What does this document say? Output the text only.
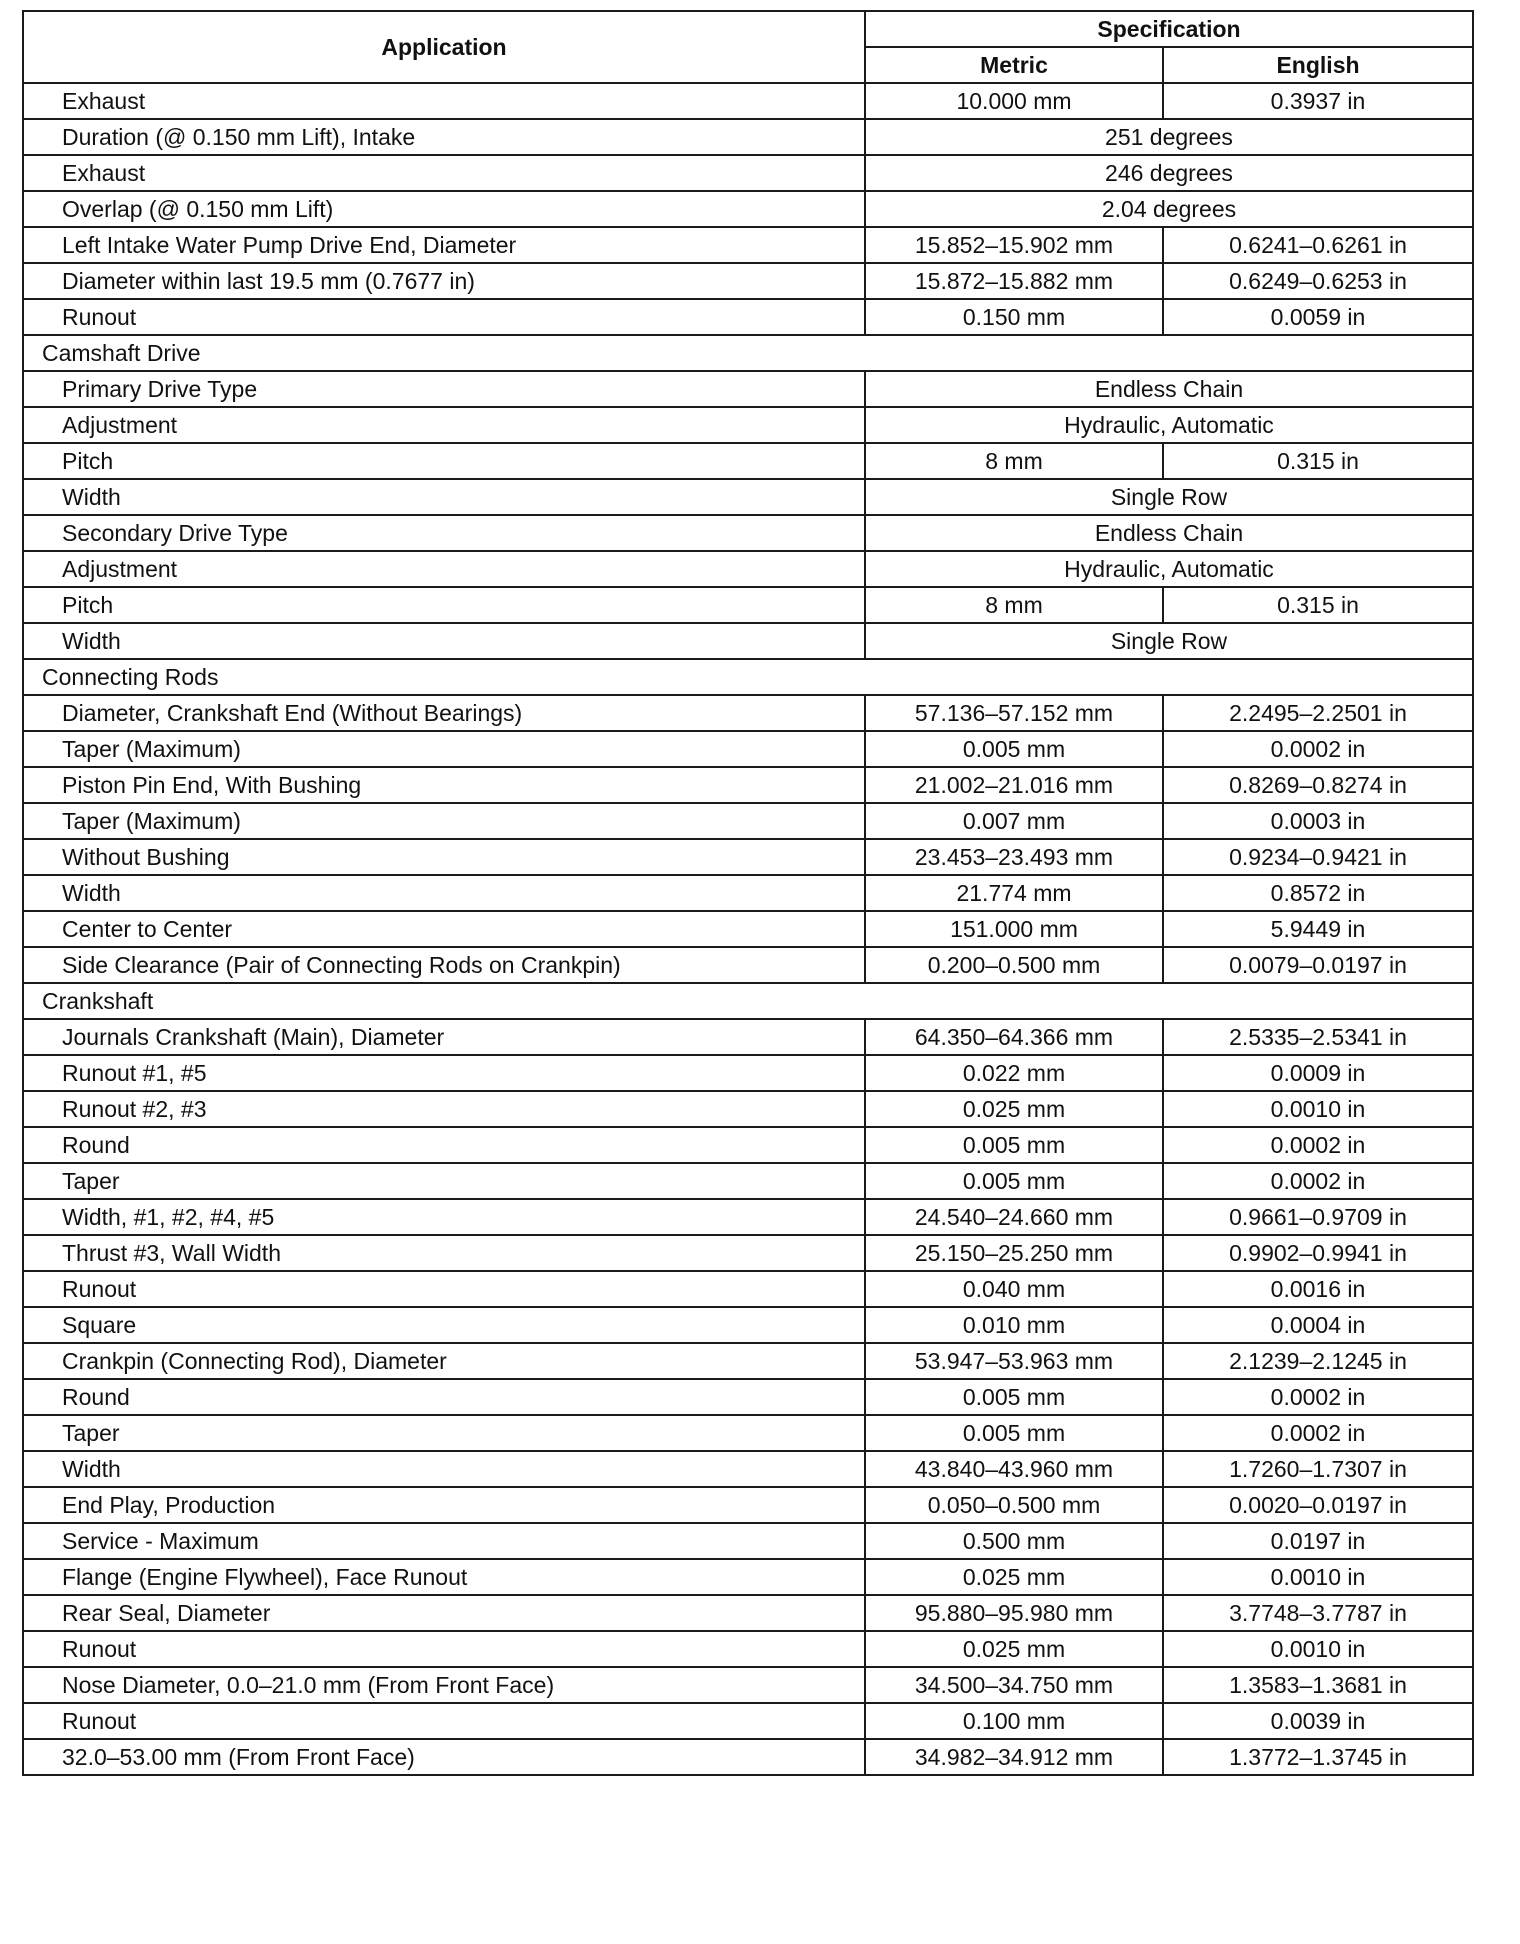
Application	Specification	
	Metric	English
Exhaust	10.000 mm	0.3937 in
Duration (@ 0.150 mm Lift), Intake	251 degrees	
Exhaust	246 degrees	
Overlap (@ 0.150 mm Lift)	2.04 degrees	
Left Intake Water Pump Drive End, Diameter	15.852–15.902 mm	0.6241–0.6261 in
Diameter within last 19.5 mm (0.7677 in)	15.872–15.882 mm	0.6249–0.6253 in
Runout	0.150 mm	0.0059 in
Camshaft Drive		
Primary Drive Type	Endless Chain	
Adjustment	Hydraulic, Automatic	
Pitch	8 mm	0.315 in
Width	Single Row	
Secondary Drive Type	Endless Chain	
Adjustment	Hydraulic, Automatic	
Pitch	8 mm	0.315 in
Width	Single Row	
Connecting Rods		
Diameter, Crankshaft End (Without Bearings)	57.136–57.152 mm	2.2495–2.2501 in
Taper (Maximum)	0.005 mm	0.0002 in
Piston Pin End, With Bushing	21.002–21.016 mm	0.8269–0.8274 in
Taper (Maximum)	0.007 mm	0.0003 in
Without Bushing	23.453–23.493 mm	0.9234–0.9421 in
Width	21.774 mm	0.8572 in
Center to Center	151.000 mm	5.9449 in
Side Clearance (Pair of Connecting Rods on Crankpin)	0.200–0.500 mm	0.0079–0.0197 in
Crankshaft		
Journals Crankshaft (Main), Diameter	64.350–64.366 mm	2.5335–2.5341 in
Runout #1, #5	0.022 mm	0.0009 in
Runout #2, #3	0.025 mm	0.0010 in
Round	0.005 mm	0.0002 in
Taper	0.005 mm	0.0002 in
Width, #1, #2, #4, #5	24.540–24.660 mm	0.9661–0.9709 in
Thrust #3, Wall Width	25.150–25.250 mm	0.9902–0.9941 in
Runout	0.040 mm	0.0016 in
Square	0.010 mm	0.0004 in
Crankpin (Connecting Rod), Diameter	53.947–53.963 mm	2.1239–2.1245 in
Round	0.005 mm	0.0002 in
Taper	0.005 mm	0.0002 in
Width	43.840–43.960 mm	1.7260–1.7307 in
End Play, Production	0.050–0.500 mm	0.0020–0.0197 in
Service - Maximum	0.500 mm	0.0197 in
Flange (Engine Flywheel), Face Runout	0.025 mm	0.0010 in
Rear Seal, Diameter	95.880–95.980 mm	3.7748–3.7787 in
Runout	0.025 mm	0.0010 in
Nose Diameter, 0.0–21.0 mm (From Front Face)	34.500–34.750 mm	1.3583–1.3681 in
Runout	0.100 mm	0.0039 in
32.0–53.00 mm (From Front Face)	34.982–34.912 mm	1.3772–1.3745 in
